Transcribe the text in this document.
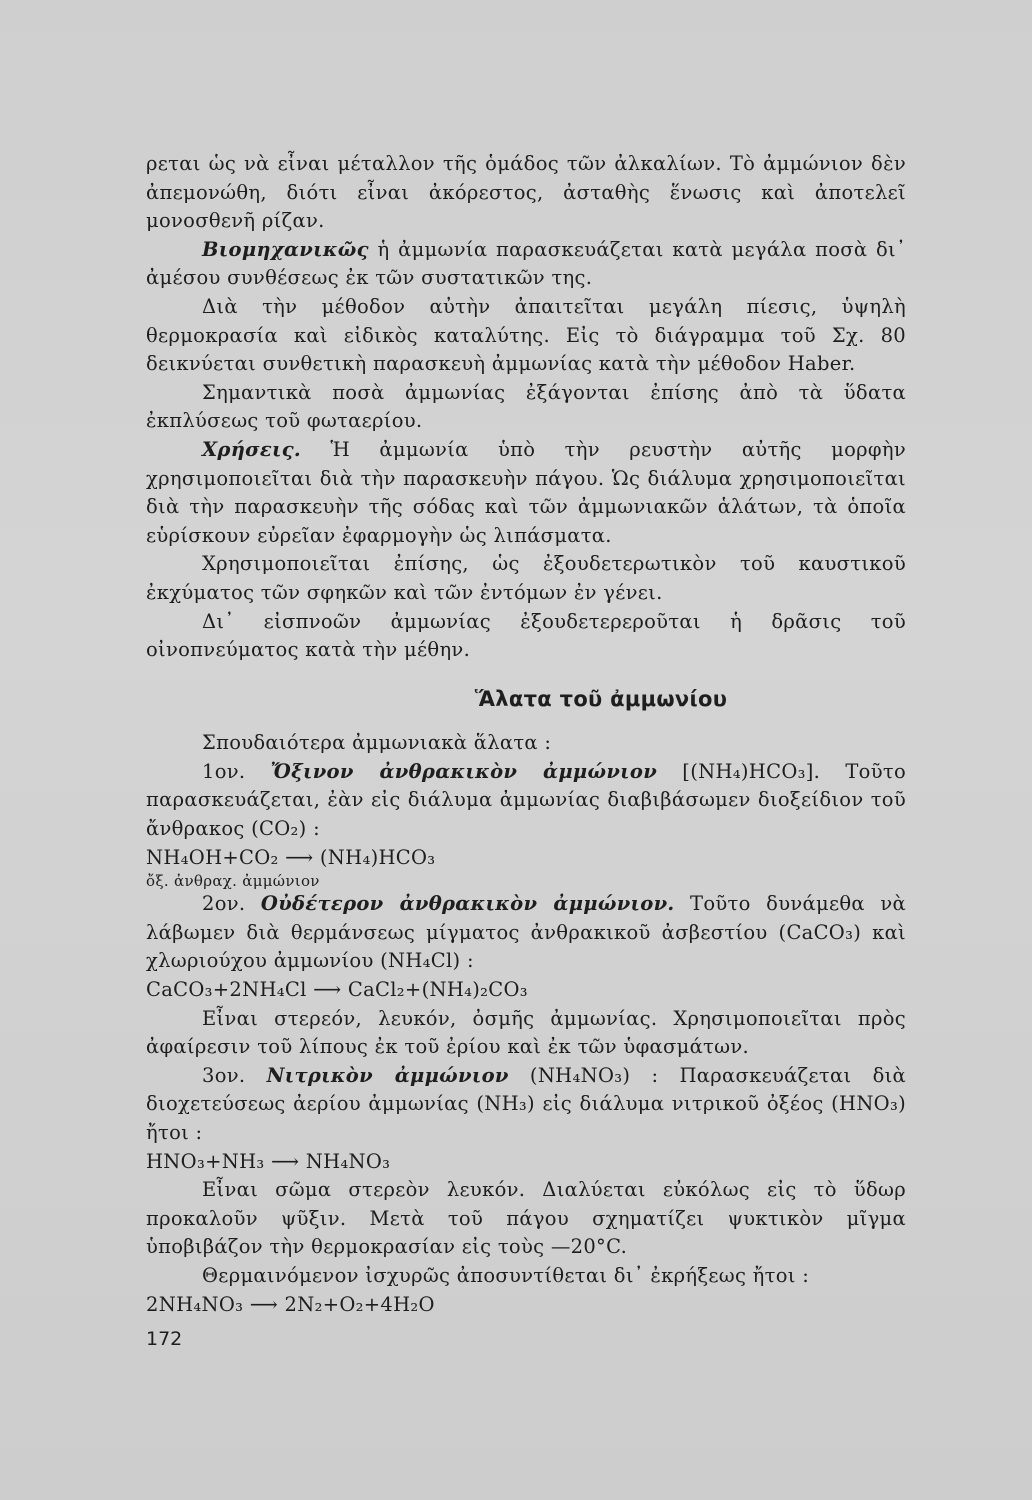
ρεται ὡς νὰ εἶναι μέταλλον τῆς ὁμάδος τῶν ἀλκαλίων. Τὸ ἀμμώνιον δὲν ἀπεμονώθη, διότι εἶναι ἀκόρεστος, ἀσταθὴς ἕνωσις καὶ ἀποτελεῖ μονοσθενῆ ρίζαν.

Βιομηχανικῶς ἡ ἀμμωνία παρασκευάζεται κατὰ μεγάλα ποσὰ δι᾿ ἀμέσου συνθέσεως ἐκ τῶν συστατικῶν της.

Διὰ τὴν μέθοδον αὐτὴν ἀπαιτεῖται μεγάλη πίεσις, ὑψηλὴ θερμοκρασία καὶ εἰδικὸς καταλύτης. Εἰς τὸ διάγραμμα τοῦ Σχ. 80 δεικνύεται συνθετικὴ παρασκευὴ ἀμμωνίας κατὰ τὴν μέθοδον Haber.

Σημαντικὰ ποσὰ ἀμμωνίας ἐξάγονται ἐπίσης ἀπὸ τὰ ὕδατα ἐκπλύσεως τοῦ φωταερίου.

Χρήσεις. Ἡ ἀμμωνία ὑπὸ τὴν ρευστὴν αὐτῆς μορφὴν χρησιμοποιεῖται διὰ τὴν παρασκευὴν πάγου. Ὡς διάλυμα χρησιμοποιεῖται διὰ τὴν παρασκευὴν τῆς σόδας καὶ τῶν ἀμμωνιακῶν ἁλάτων, τὰ ὁποῖα εὑρίσκουν εὐρεῖαν ἐφαρμογὴν ὡς λιπάσματα.

Χρησιμοποιεῖται ἐπίσης, ὡς ἐξουδετερωτικὸν τοῦ καυστικοῦ ἐκχύματος τῶν σφηκῶν καὶ τῶν ἐντόμων ἐν γένει.

Δι᾿ εἰσπνοῶν ἀμμωνίας ἐξουδετερεροῦται ἡ δρᾶσις τοῦ οἰνοπνεύματος κατὰ τὴν μέθην.

Ἅλατα τοῦ ἀμμωνίου

Σπουδαιότερα ἀμμωνιακὰ ἅλατα :

1ον. Ὄξινον ἀνθρακικὸν ἀμμώνιον [(NH₄)HCO₃]. Τοῦτο παρασκευάζεται, ἐὰν εἰς διάλυμα ἀμμωνίας διαβιβάσωμεν διοξείδιον τοῦ ἄνθρακος (CO₂) :

NH₄OH+CO₂ ⟶ (NH₄)HCO₃

ὄξ. ἀνθραχ. ἀμμώνιον

2ον. Οὐδέτερον ἀνθρακικὸν ἀμμώνιον. Τοῦτο δυνάμεθα νὰ λάβωμεν διὰ θερμάνσεως μίγματος ἀνθρακικοῦ ἀσβεστίου (CaCO₃) καὶ χλωριούχου ἀμμωνίου (NH₄Cl) :

CaCO₃+2NH₄Cl ⟶ CaCl₂+(NH₄)₂CO₃

Εἶναι στερεόν, λευκόν, ὀσμῆς ἀμμωνίας. Χρησιμοποιεῖται πρὸς ἀφαίρεσιν τοῦ λίπους ἐκ τοῦ ἐρίου καὶ ἐκ τῶν ὑφασμάτων.

3ον. Νιτρικὸν ἀμμώνιον (NH₄NO₃) : Παρασκευάζεται διὰ διοχετεύσεως ἀερίου ἀμμωνίας (NH₃) εἰς διάλυμα νιτρικοῦ ὀξέος (HNO₃) ἤτοι :

HNO₃+NH₃ ⟶ NH₄NO₃

Εἶναι σῶμα στερεὸν λευκόν. Διαλύεται εὐκόλως εἰς τὸ ὕδωρ προκαλοῦν ψῦξιν. Μετὰ τοῦ πάγου σχηματίζει ψυκτικὸν μῖγμα ὑποβιβάζον τὴν θερμοκρασίαν εἰς τοὺς —20°C.

Θερμαινόμενον ἰσχυρῶς ἀποσυντίθεται δι᾿ ἐκρήξεως ἤτοι :

2NH₄NO₃ ⟶ 2N₂+O₂+4H₂O

172
